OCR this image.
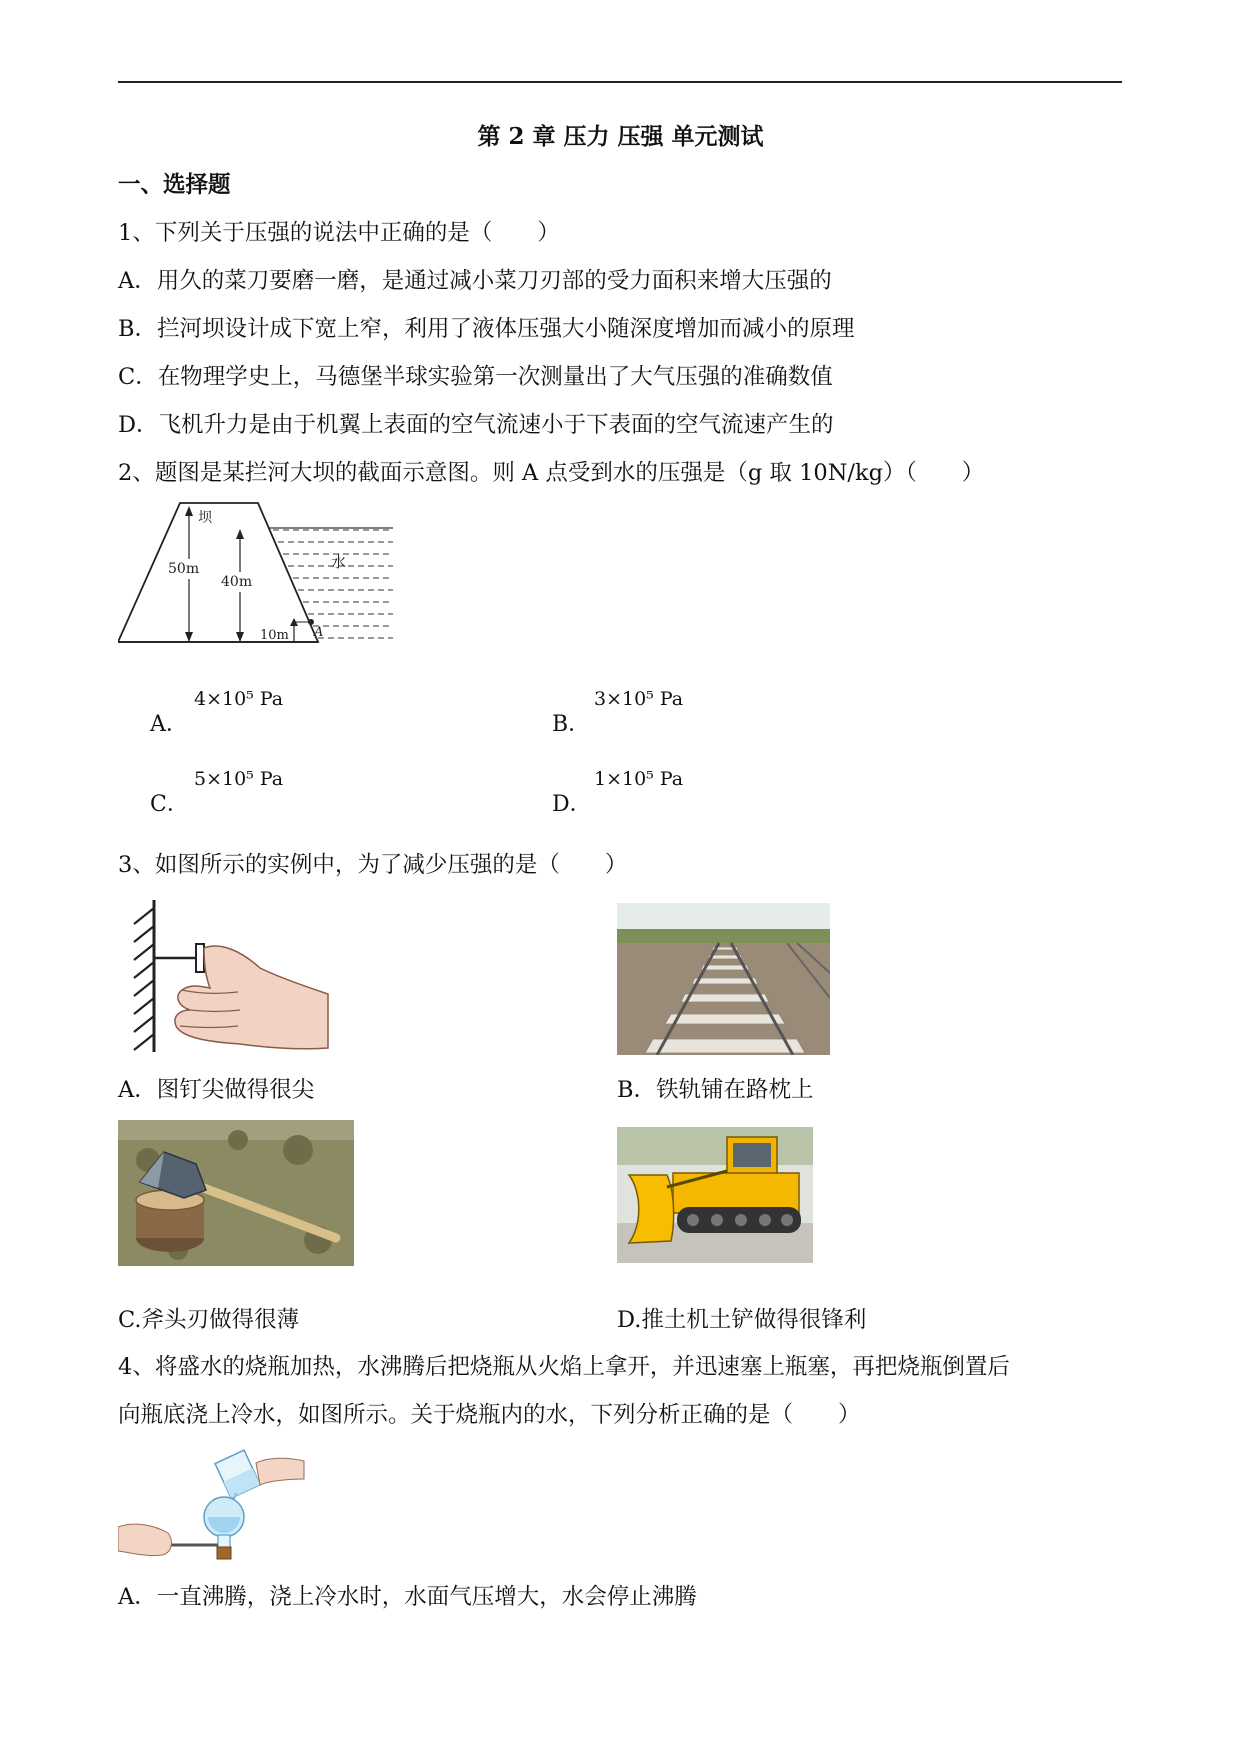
第 2 章 压力 压强 单元测试
一、选择题
1、下列关于压强的说法中正确的是（　　）
A．用久的菜刀要磨一磨，是通过减小菜刀刃部的受力面积来增大压强的
B．拦河坝设计成下宽上窄，利用了液体压强大小随深度增加而减小的原理
C．在物理学史上，马德堡半球实验第一次测量出了大气压强的准确数值
D．飞机升力是由于机翼上表面的空气流速小于下表面的空气流速产生的
2、题图是某拦河大坝的截面示意图。则 A 点受到水的压强是（g 取 10N/kg）（　　）
坝
水
50m
40m
10m A
A．
4×10⁵ Pa
B．
3×10⁵ Pa
C．
5×10⁵ Pa
D．
1×10⁵ Pa
3、如图所示的实例中，为了减少压强的是（　　）
A．图钉尖做得很尖	B．铁轨铺在路枕上
C.斧头刃做得很薄	D.推土机土铲做得很锋利
4、将盛水的烧瓶加热，水沸腾后把烧瓶从火焰上拿开，并迅速塞上瓶塞，再把烧瓶倒置后
向瓶底浇上冷水，如图所示。关于烧瓶内的水，下列分析正确的是（　　）
A．一直沸腾，浇上冷水时，水面气压增大，水会停止沸腾
